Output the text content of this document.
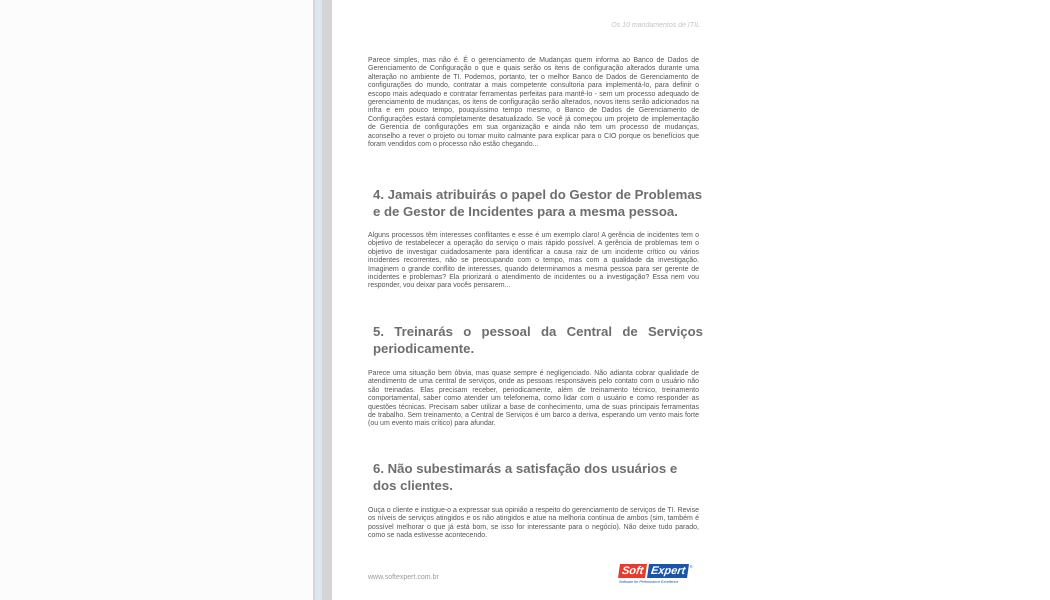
Os 10 mandamentos de ITIL
Parece simples, mas não é. É o gerenciamento de Mudanças quem informa ao Banco de Dados de Gerenciamento de Configuração o que e quais serão os itens de configuração alterados durante uma alteração no ambiente de TI. Podemos, portanto, ter o melhor Banco de Dados de Gerenciamento de configurações do mundo, contratar a mais competente consultoria para implementá-lo, para definir o escopo mais adequado e contratar ferramentas perfeitas para mantê-lo - sem um processo adequado de gerenciamento de mudanças, os itens de configuração serão alterados, novos itens serão adicionados na infra e em pouco tempo, pouquíssimo tempo mesmo, o Banco de Dados de Gerenciamento de Configurações estará completamente desatualizado. Se você já começou um projeto de implementação de Gerencia de configurações em sua organização e ainda não tem um processo de mudanças, aconselho a rever o projeto ou tomar muito calmante para explicar para o CIO porque os benefícios que foram vendidos com o processo não estão chegando...
4. Jamais atribuirás o papel do Gestor de Problemas e de Gestor de Incidentes para a mesma pessoa.
Alguns processos têm interesses conflitantes e esse é um exemplo claro! A gerência de incidentes tem o objetivo de restabelecer a operação do serviço o mais rápido possível. A gerência de problemas tem o objetivo de investigar cuidadosamente para identificar a causa raiz de um incidente crítico ou vários incidentes recorrentes, não se preocupando com o tempo, mas com a qualidade da investigação. Imaginem o grande conflito de interesses, quando determinamos a mesma pessoa para ser gerente de incidentes e problemas? Ela priorizará o atendimento de incidentes ou a investigação? Essa nem vou responder, vou deixar para vocês pensarem...
5. Treinarás o pessoal da Central de Serviços periodicamente.
Parece uma situação bem óbvia, mas quase sempre é negligenciado. Não adianta cobrar qualidade de atendimento de uma central de serviços, onde as pessoas responsáveis pelo contato com o usuário não são treinadas. Elas precisam receber, periodicamente, além de treinamento técnico, treinamento comportamental, saber como atender um telefonema, como lidar com o usuário e como responder as questões técnicas. Precisam saber utilizar a base de conhecimento, uma de suas principais ferramentas de trabalho. Sem treinamento, a Central de Serviços é um barco a deriva, esperando um vento mais forte (ou um evento mais crítico) para afundar.
6. Não subestimarás a satisfação dos usuários e dos clientes.
Ouça o cliente e instigue-o a expressar sua opinião a respeito do gerenciamento de serviços de TI. Revise os níveis de serviços atingidos e os não atingidos e atue na melhoria contínua de ambos (sim, também é possível melhorar o que já está bom, se isso for interessante para o negócio). Não deixe tudo parado, como se nada estivesse acontecendo.
www.softexpert.com.br
Soft Expert ®
Software for Performance Excellence
